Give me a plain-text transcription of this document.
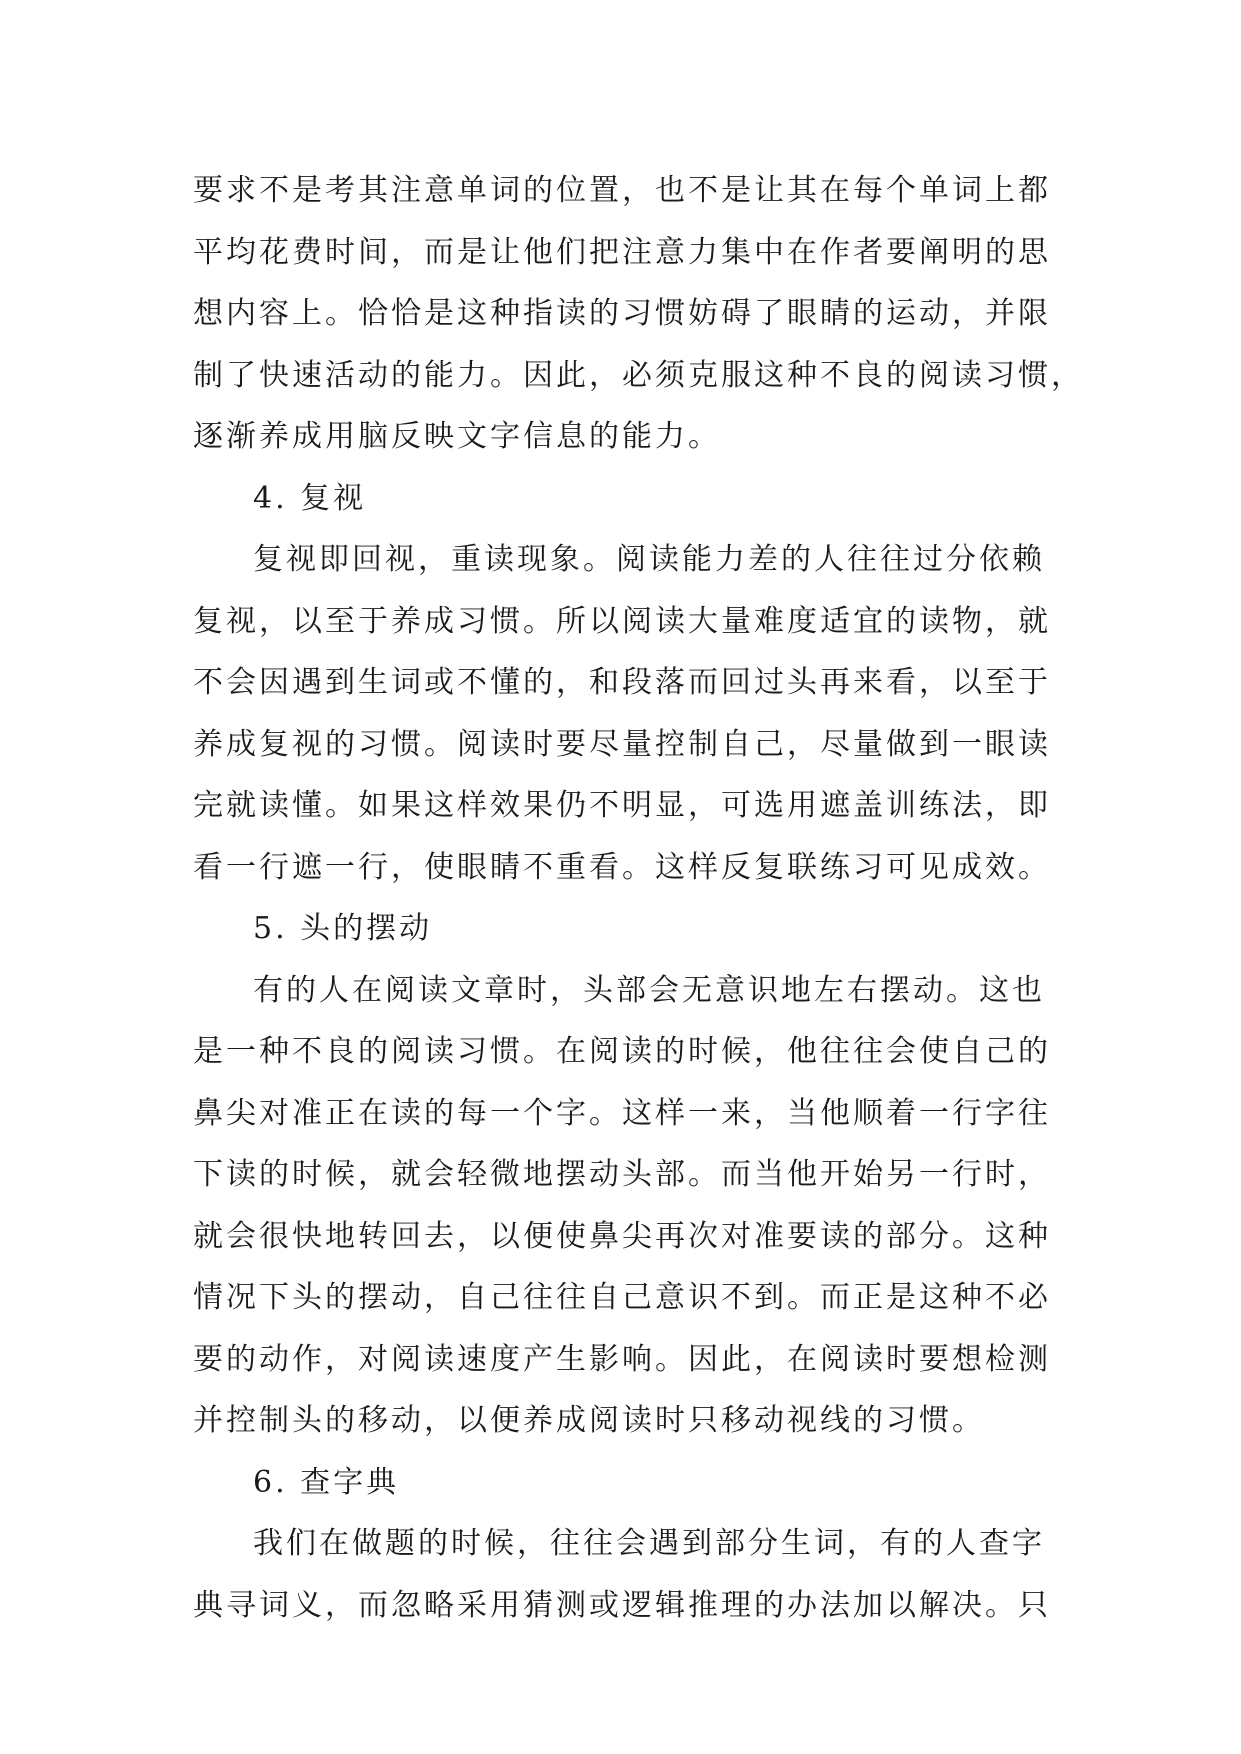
要求不是考其注意单词的位置，也不是让其在每个单词上都
平均花费时间，而是让他们把注意力集中在作者要阐明的思
想内容上。恰恰是这种指读的习惯妨碍了眼睛的运动，并限
制了快速活动的能力。因此，必须克服这种不良的阅读习惯，
逐渐养成用脑反映文字信息的能力。
4. 复视
复视即回视，重读现象。阅读能力差的人往往过分依赖
复视，以至于养成习惯。所以阅读大量难度适宜的读物，就
不会因遇到生词或不懂的，和段落而回过头再来看，以至于
养成复视的习惯。阅读时要尽量控制自己，尽量做到一眼读
完就读懂。如果这样效果仍不明显，可选用遮盖训练法，即
看一行遮一行，使眼睛不重看。这样反复联练习可见成效。
5. 头的摆动
有的人在阅读文章时，头部会无意识地左右摆动。这也
是一种不良的阅读习惯。在阅读的时候，他往往会使自己的
鼻尖对准正在读的每一个字。这样一来，当他顺着一行字往
下读的时候，就会轻微地摆动头部。而当他开始另一行时，
就会很快地转回去，以便使鼻尖再次对准要读的部分。这种
情况下头的摆动，自己往往自己意识不到。而正是这种不必
要的动作，对阅读速度产生影响。因此，在阅读时要想检测
并控制头的移动，以便养成阅读时只移动视线的习惯。
6. 查字典
我们在做题的时候，往往会遇到部分生词，有的人查字
典寻词义，而忽略采用猜测或逻辑推理的办法加以解决。只
